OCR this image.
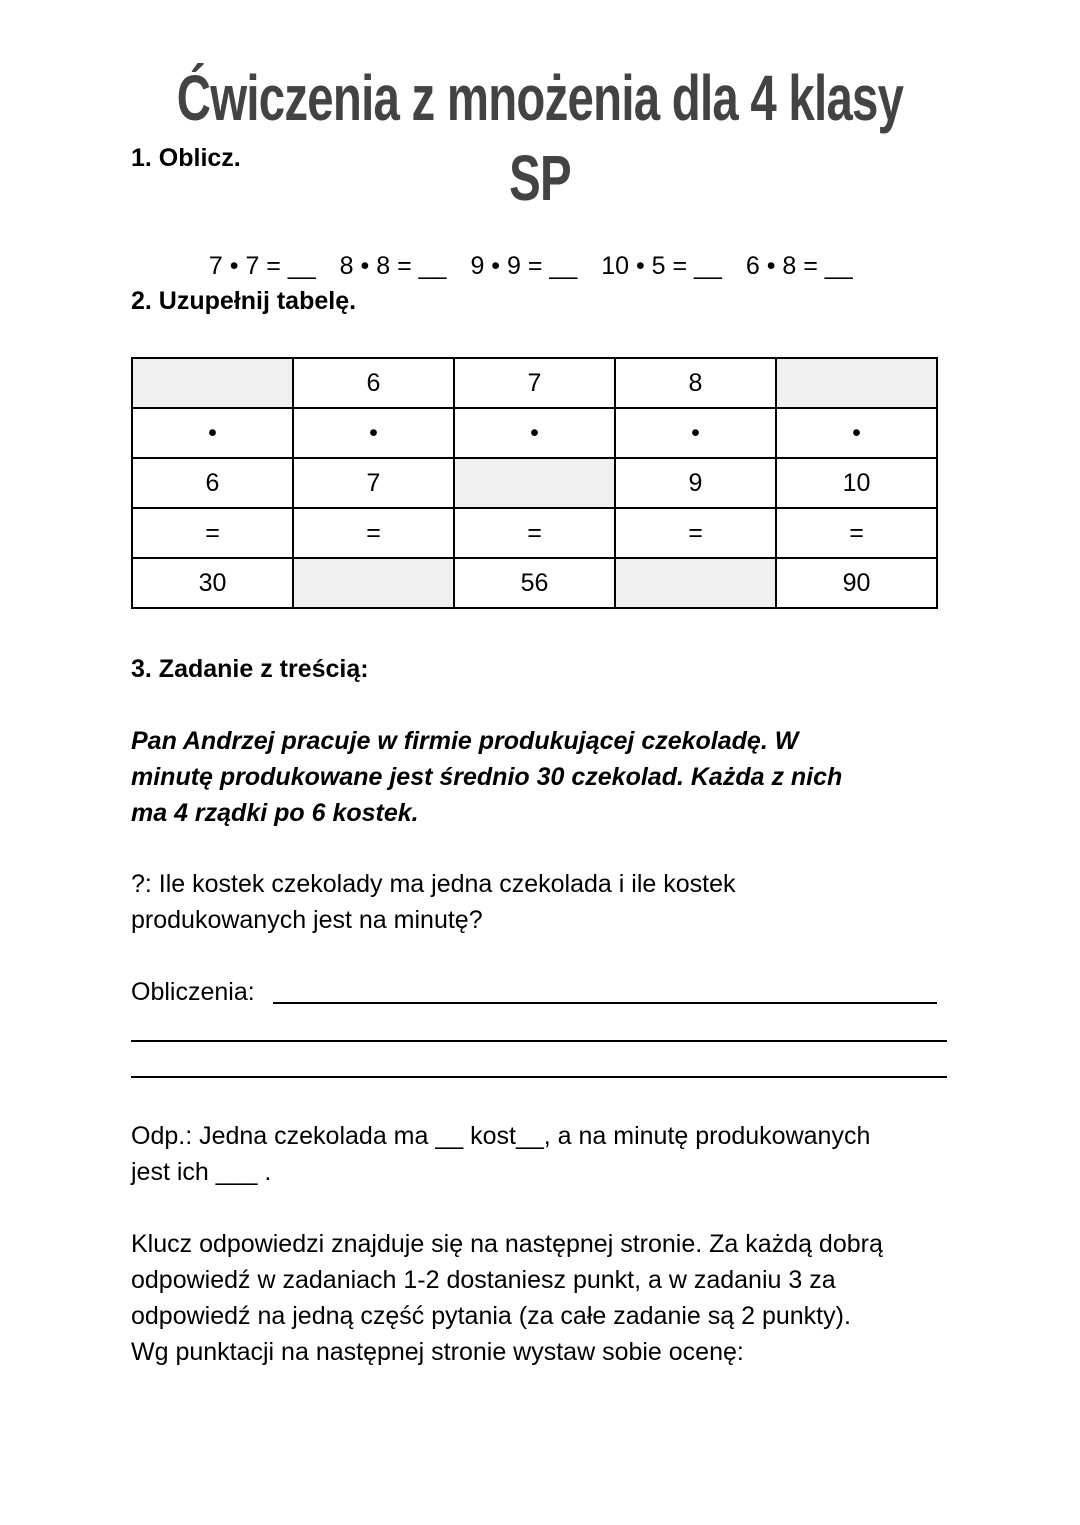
Ćwiczenia z mnożenia dla 4 klasy SP
1. Oblicz.

7 • 7 = __ 8 • 8 = __ 9 • 9 = __ 10 • 5 = __ 6 • 8 = __

2. Uzupełnij tabelę.
	6	7	8	
•	•	•	•	•
6	7		9	10
=	=	=	=	=
30		56		90
3. Zadanie z treścią:
Pan Andrzej pracuje w firmie produkującej czekoladę. W
minutę produkowane jest średnio 30 czekolad. Każda z nich
ma 4 rządki po 6 kostek.
?: Ile kostek czekolady ma jedna czekolada i ile kostek
produkowanych jest na minutę?
Obliczenia:
Odp.: Jedna czekolada ma __ kost__, a na minutę produkowanych
jest ich ___ .
Klucz odpowiedzi znajduje się na następnej stronie. Za każdą dobrą
odpowiedź w zadaniach 1-2 dostaniesz punkt, a w zadaniu 3 za
odpowiedź na jedną część pytania (za całe zadanie są 2 punkty).
Wg punktacji na następnej stronie wystaw sobie ocenę:
